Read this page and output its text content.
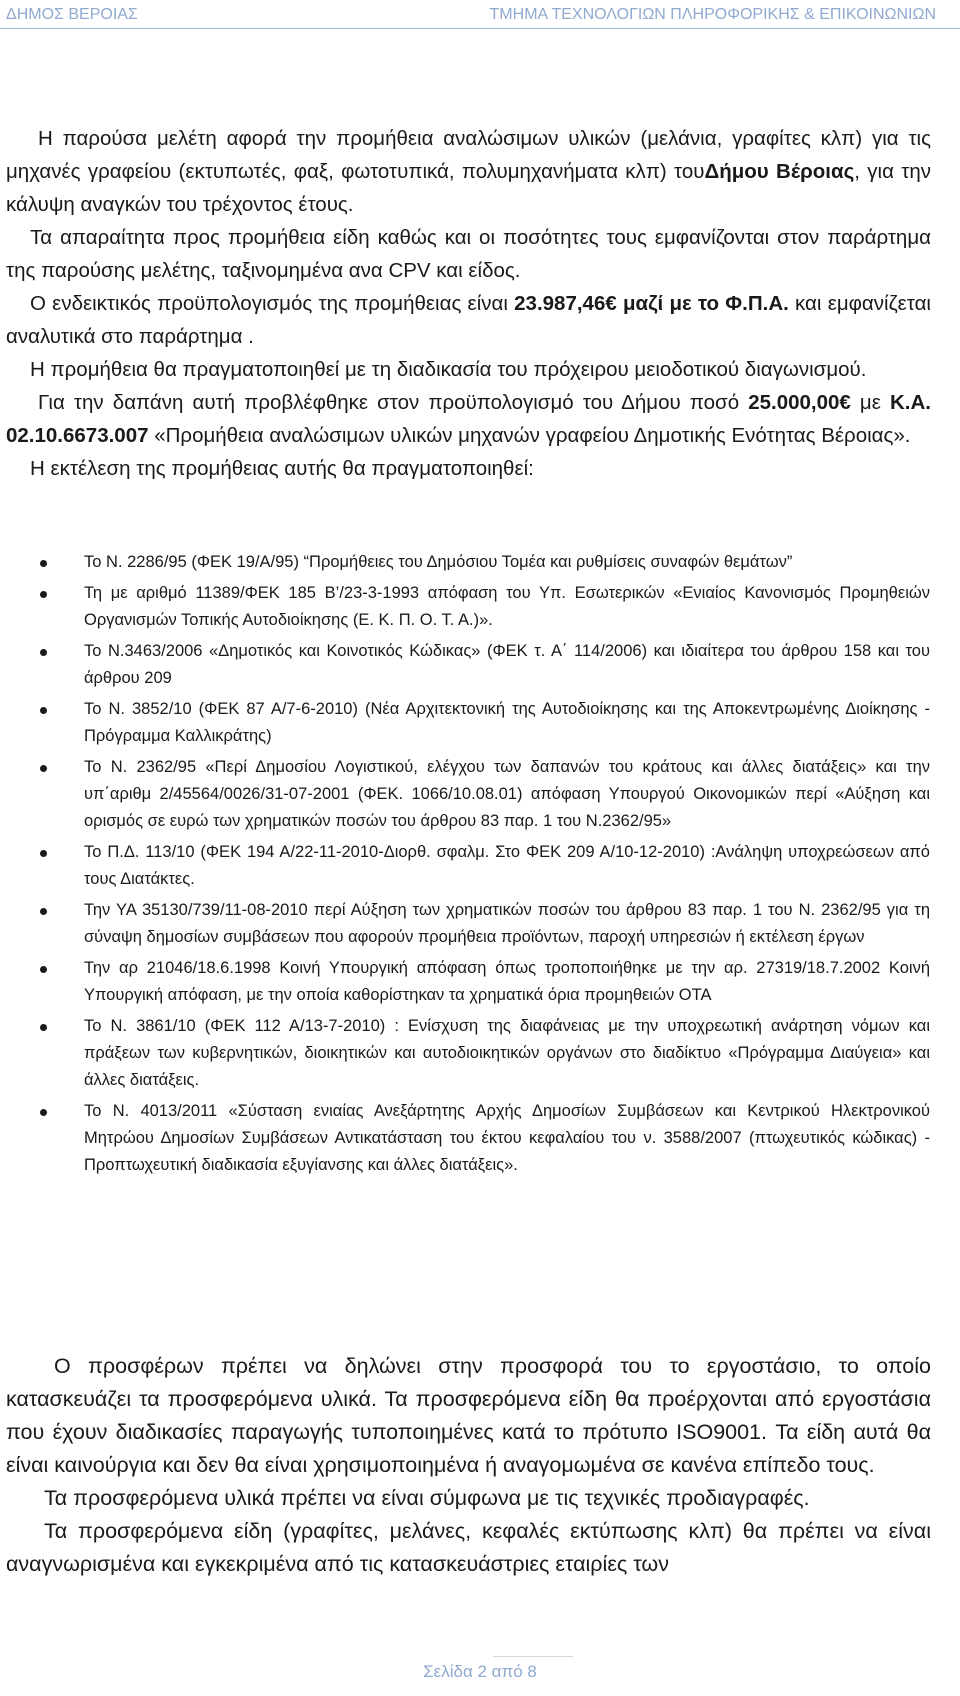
ΔΗΜΟΣ ΒΕΡΟΙΑΣ	ΤΜΗΜΑ ΤΕΧΝΟΛΟΓΙΩΝ ΠΛΗΡΟΦΟΡΙΚΗΣ & ΕΠΙΚΟΙΝΩΝΙΩΝ

Η παρούσα μελέτη αφορά την προμήθεια αναλώσιμων υλικών (μελάνια, γραφίτες κλπ) για τις μηχανές γραφείου (εκτυπωτές, φαξ, φωτοτυπικά, πολυμηχανήματα κλπ) τουΔήμου Βέροιας, για την κάλυψη αναγκών του τρέχοντος έτους.

Τα απαραίτητα προς προμήθεια είδη καθώς και οι ποσότητες τους εμφανίζονται στον παράρτημα της παρούσης μελέτης, ταξινομημένα ανα CPV και είδος.

Ο ενδεικτικός προϋπολογισμός της προμήθειας είναι 23.987,46€ μαζί με το Φ.Π.Α. και εμφανίζεται αναλυτικά στο παράρτημα .

Η προμήθεια θα πραγματοποιηθεί με τη διαδικασία του πρόχειρου μειοδοτικού διαγωνισμού.

Για την δαπάνη αυτή προβλέφθηκε στον προϋπολογισμό του Δήμου ποσό 25.000,00€ με Κ.Α. 02.10.6673.007 «Προμήθεια αναλώσιμων υλικών μηχανών γραφείου Δημοτικής Ενότητας Βέροιας».

Η εκτέλεση της προμήθειας αυτής θα πραγματοποιηθεί:

Το Ν. 2286/95 (ΦΕΚ 19/Α/95) “Προμήθειες του Δημόσιου Τομέα και ρυθμίσεις συναφών θεμάτων”
Τη με αριθμό 11389/ΦΕΚ 185 Β’/23-3-1993 απόφαση του Υπ. Εσωτερικών «Ενιαίος Κανονισμός Προμηθειών Οργανισμών Τοπικής Αυτοδιοίκησης (Ε. Κ. Π. Ο. Τ. Α.)».
Το Ν.3463/2006 «Δημοτικός και Κοινοτικός Κώδικας» (ΦΕΚ τ. Α΄ 114/2006) και ιδιαίτερα του άρθρου 158 και του άρθρου 209
Το Ν. 3852/10 (ΦΕΚ 87 Α/7-6-2010) (Νέα Αρχιτεκτονική της Αυτοδιοίκησης και της Αποκεντρωμένης Διοίκησης - Πρόγραμμα Καλλικράτης)
Το Ν. 2362/95 «Περί Δημοσίου Λογιστικού, ελέγχου των δαπανών του κράτους και άλλες διατάξεις» και την υπ΄αριθμ 2/45564/0026/31-07-2001 (ΦΕΚ. 1066/10.08.01) απόφαση Υπουργού Οικονομικών περί «Αύξηση και ορισμός σε ευρώ των χρηματικών ποσών του άρθρου 83 παρ. 1 του Ν.2362/95»
Το Π.Δ. 113/10 (ΦΕΚ 194 Α/22-11-2010-Διορθ. σφαλμ. Στο ΦΕΚ 209 Α/10-12-2010) :Ανάληψη υποχρεώσεων από τους Διατάκτες.
Την ΥΑ 35130/739/11-08-2010 περί Αύξηση των χρηματικών ποσών του άρθρου 83 παρ. 1 του Ν. 2362/95 για τη σύναψη δημοσίων συμβάσεων που αφορούν προμήθεια προϊόντων, παροχή υπηρεσιών ή εκτέλεση έργων
Την αρ 21046/18.6.1998 Κοινή Υπουργική απόφαση όπως τροποποιήθηκε με την αρ. 27319/18.7.2002 Κοινή Υπουργική απόφαση, με την οποία καθορίστηκαν τα χρηματικά όρια προμηθειών ΟΤΑ
Το Ν. 3861/10 (ΦΕΚ 112 Α/13-7-2010) : Ενίσχυση της διαφάνειας με την υποχρεωτική ανάρτηση νόμων και πράξεων των κυβερνητικών, διοικητικών και αυτοδιοικητικών οργάνων στο διαδίκτυο «Πρόγραμμα Διαύγεια» και άλλες διατάξεις.
Το Ν. 4013/2011 «Σύσταση ενιαίας Ανεξάρτητης Αρχής Δημοσίων Συμβάσεων και Κεντρικού Ηλεκτρονικού Μητρώου Δημοσίων Συμβάσεων Αντικατάσταση του έκτου κεφαλαίου του ν. 3588/2007 (πτωχευτικός κώδικας) - Προπτωχευτική διαδικασία εξυγίανσης και άλλες διατάξεις».

Ο προσφέρων πρέπει να δηλώνει στην προσφορά του το εργοστάσιο, το οποίο κατασκευάζει τα προσφερόμενα υλικά. Τα προσφερόμενα είδη θα προέρχονται από εργοστάσια που έχουν διαδικασίες παραγωγής τυποποιημένες κατά το πρότυπο ISO9001. Τα είδη αυτά θα είναι καινούργια και δεν θα είναι χρησιμοποιημένα ή αναγομωμένα σε κανένα επίπεδο τους.

Τα προσφερόμενα υλικά πρέπει να είναι σύμφωνα με τις τεχνικές προδιαγραφές.

Τα προσφερόμενα είδη (γραφίτες, μελάνες, κεφαλές εκτύπωσης κλπ) θα πρέπει να είναι αναγνωρισμένα και εγκεκριμένα από τις κατασκευάστριες εταιρίες των

Σελίδα 2 από 8
